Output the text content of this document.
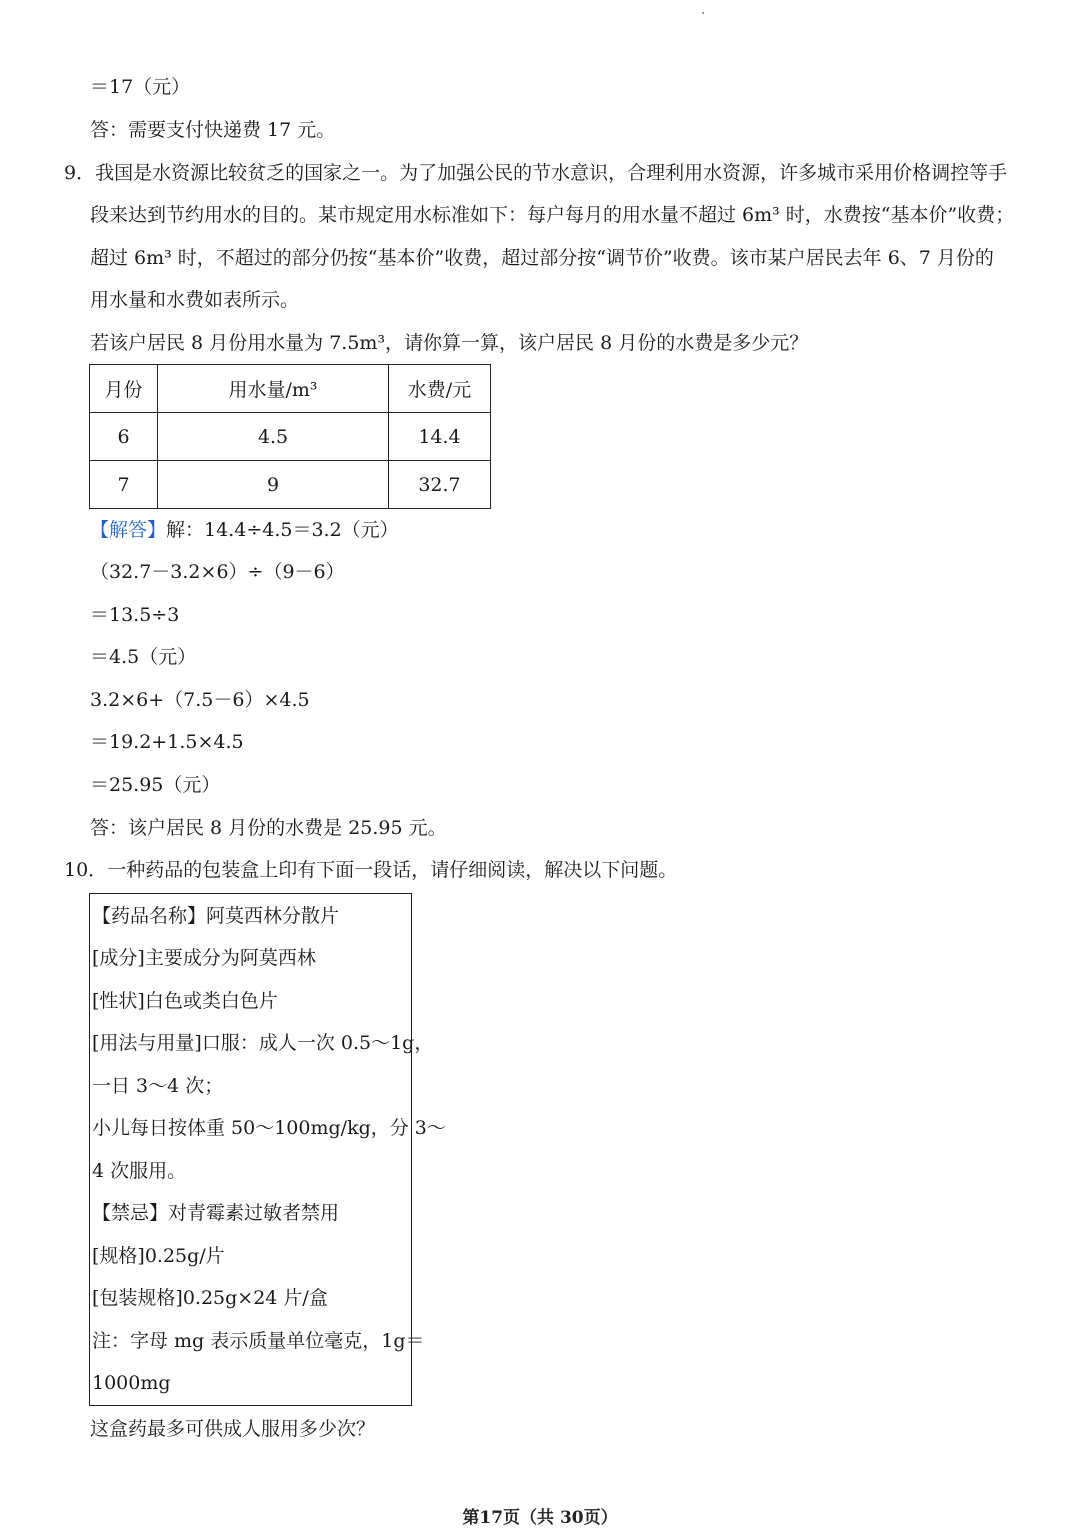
＝17（元）
答：需要支付快递费 17 元。
9．我国是水资源比较贫乏的国家之一。为了加强公民的节水意识，合理利用水资源，许多城市采用价格调控等手
段来达到节约用水的目的。某市规定用水标准如下：每户每月的用水量不超过 6m³ 时，水费按“基本价”收费；
超过 6m³ 时，不超过的部分仍按“基本价”收费，超过部分按“调节价”收费。该市某户居民去年 6、7 月份的
用水量和水费如表所示。
若该户居民 8 月份用水量为 7.5m³，请你算一算，该户居民 8 月份的水费是多少元？
月份	用水量/m³	水费/元
6	4.5	14.4
7	9	32.7
【解答】解：14.4÷4.5＝3.2（元）
（32.7－3.2×6）÷（9－6）
＝13.5÷3
＝4.5（元）
3.2×6+（7.5－6）×4.5
＝19.2+1.5×4.5
＝25.95（元）
答：该户居民 8 月份的水费是 25.95 元。
10．一种药品的包装盒上印有下面一段话，请仔细阅读，解决以下问题。
【药品名称】阿莫西林分散片
[成分]主要成分为阿莫西林
[性状]白色或类白色片
[用法与用量]口服：成人一次 0.5～1g，
一日 3～4 次；
小儿每日按体重 50～100mg/kg，分 3～
4 次服用。
【禁忌】对青霉素过敏者禁用
[规格]0.25g/片
[包装规格]0.25g×24 片/盒
注：字母 mg 表示质量单位毫克，1g＝
1000mg
这盒药最多可供成人服用多少次？
第17页（共 30页）
